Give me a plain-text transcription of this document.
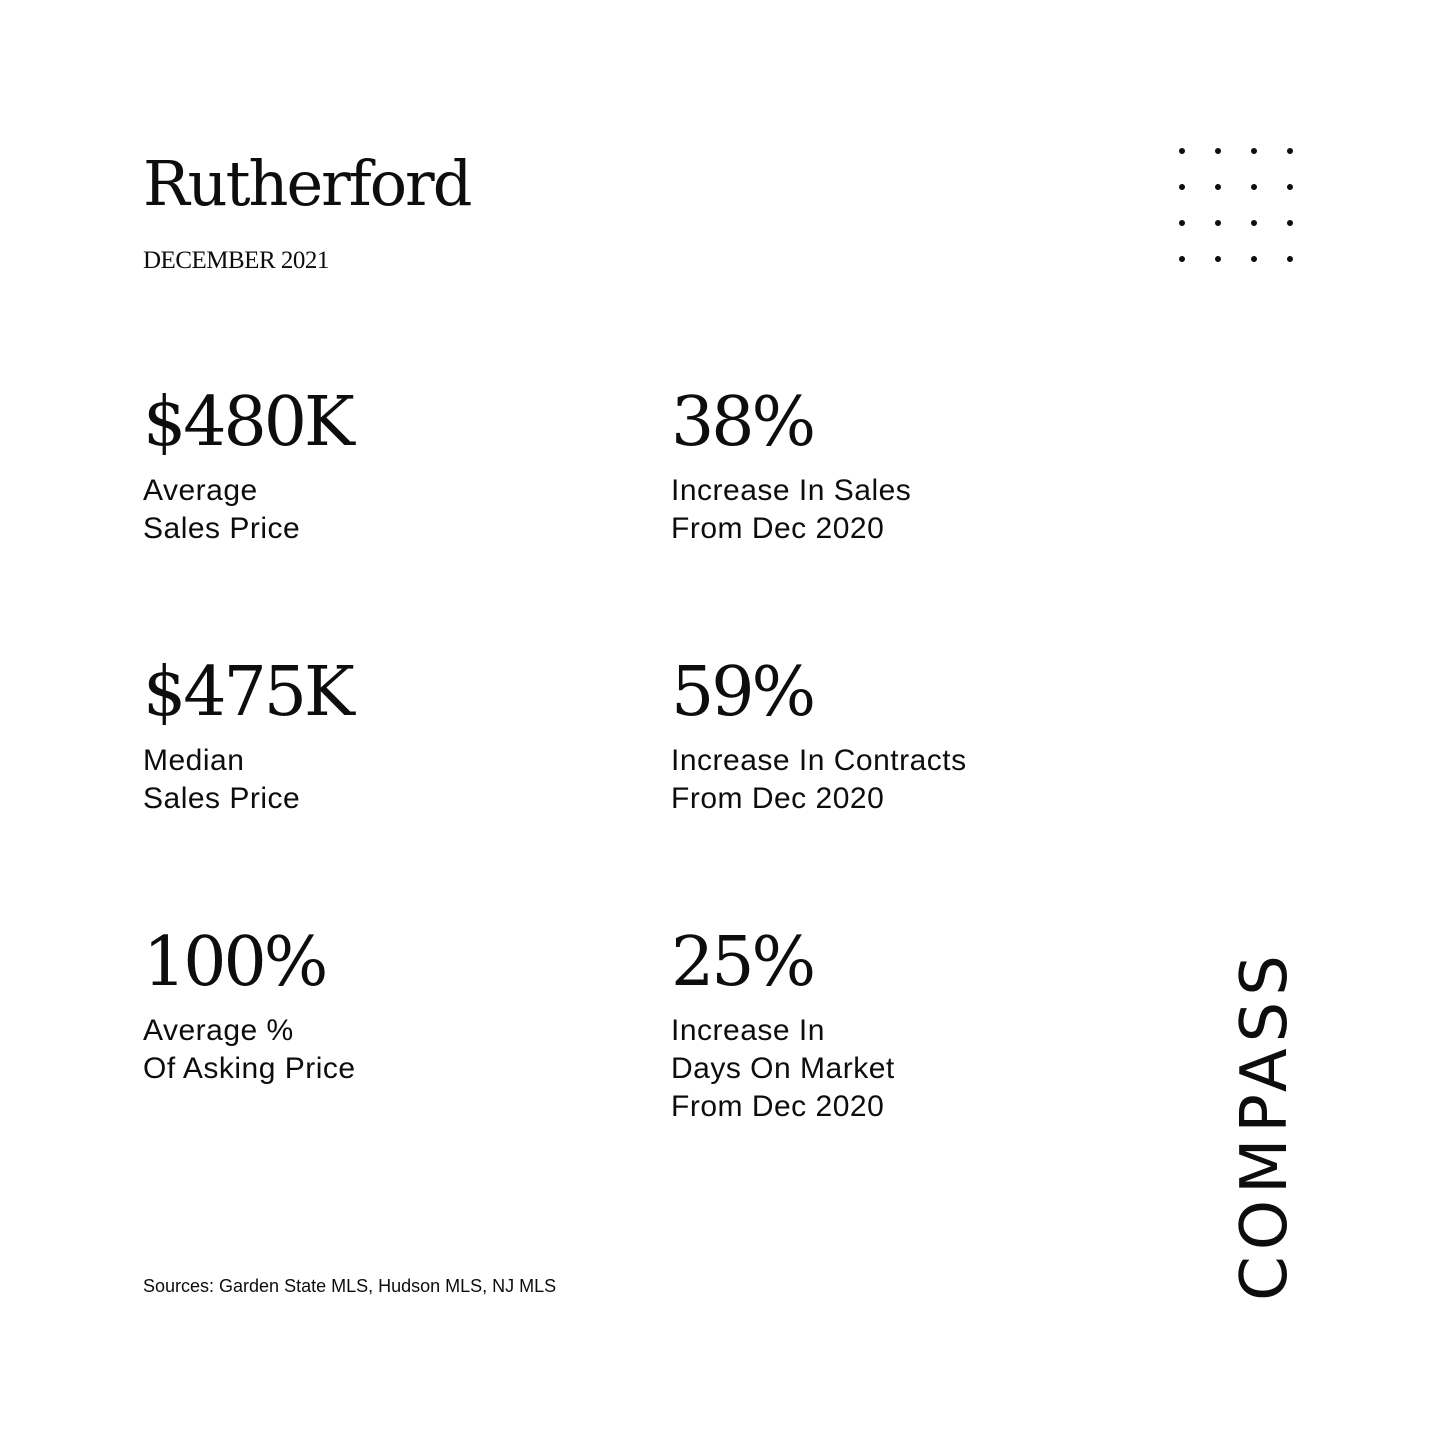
Rutherford
DECEMBER 2021
$480K
Average
Sales Price
38%
Increase In Sales
From Dec 2020
$475K
Median
Sales Price
59%
Increase In Contracts
From Dec 2020
100%
Average %
Of Asking Price
25%
Increase In
Days On Market
From Dec 2020
Sources: Garden State MLS, Hudson MLS, NJ MLS	COMPASS
